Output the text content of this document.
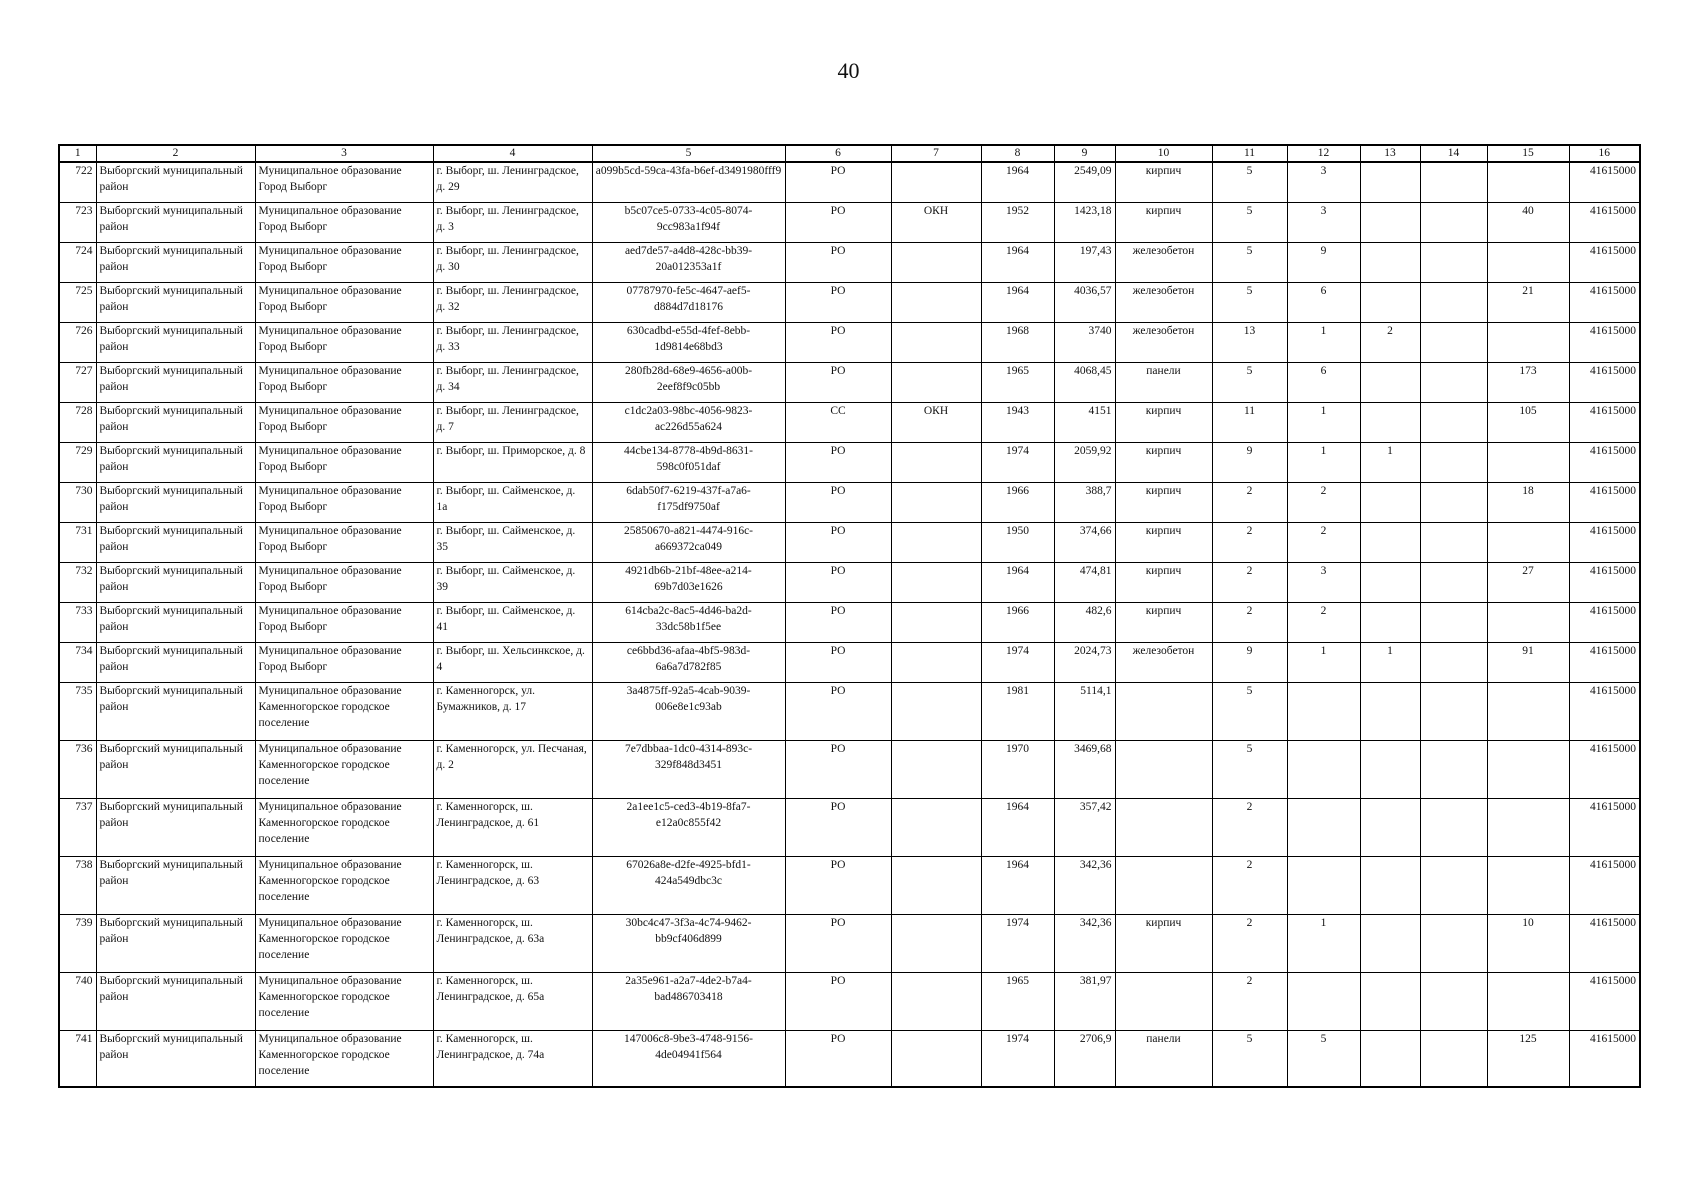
40
1	2	3	4	5	6	7	8	9	10	11	12	13	14	15	16
722	Выборгский муниципальный район	Муниципальное образование Город Выборг	г. Выборг, ш. Ленинградское, д. 29	a099b5cd-59ca-43fa-b6ef-d3491980fff9	РО		1964	2549,09	кирпич	5	3				41615000
723	Выборгский муниципальный район	Муниципальное образование Город Выборг	г. Выборг, ш. Ленинградское, д. 3	b5c07ce5-0733-4c05-8074-9cc983a1f94f	РО	ОКН	1952	1423,18	кирпич	5	3			40	41615000
724	Выборгский муниципальный район	Муниципальное образование Город Выборг	г. Выборг, ш. Ленинградское, д. 30	aed7de57-a4d8-428c-bb39-20a012353a1f	РО		1964	197,43	железобетон	5	9				41615000
725	Выборгский муниципальный район	Муниципальное образование Город Выборг	г. Выборг, ш. Ленинградское, д. 32	07787970-fe5c-4647-aef5-d884d7d18176	РО		1964	4036,57	железобетон	5	6			21	41615000
726	Выборгский муниципальный район	Муниципальное образование Город Выборг	г. Выборг, ш. Ленинградское, д. 33	630cadbd-e55d-4fef-8ebb-1d9814e68bd3	РО		1968	3740	железобетон	13	1	2			41615000
727	Выборгский муниципальный район	Муниципальное образование Город Выборг	г. Выборг, ш. Ленинградское, д. 34	280fb28d-68e9-4656-a00b-2eef8f9c05bb	РО		1965	4068,45	панели	5	6			173	41615000
728	Выборгский муниципальный район	Муниципальное образование Город Выборг	г. Выборг, ш. Ленинградское, д. 7	c1dc2a03-98bc-4056-9823-ac226d55a624	СС	ОКН	1943	4151	кирпич	11	1			105	41615000
729	Выборгский муниципальный район	Муниципальное образование Город Выборг	г. Выборг, ш. Приморское, д. 8	44cbe134-8778-4b9d-8631-598c0f051daf	РО		1974	2059,92	кирпич	9	1	1			41615000
730	Выборгский муниципальный район	Муниципальное образование Город Выборг	г. Выборг, ш. Сайменское, д. 1а	6dab50f7-6219-437f-a7a6-f175df9750af	РО		1966	388,7	кирпич	2	2			18	41615000
731	Выборгский муниципальный район	Муниципальное образование Город Выборг	г. Выборг, ш. Сайменское, д. 35	25850670-a821-4474-916c-a669372ca049	РО		1950	374,66	кирпич	2	2				41615000
732	Выборгский муниципальный район	Муниципальное образование Город Выборг	г. Выборг, ш. Сайменское, д. 39	4921db6b-21bf-48ee-a214-69b7d03e1626	РО		1964	474,81	кирпич	2	3			27	41615000
733	Выборгский муниципальный район	Муниципальное образование Город Выборг	г. Выборг, ш. Сайменское, д. 41	614cba2c-8ac5-4d46-ba2d-33dc58b1f5ee	РО		1966	482,6	кирпич	2	2				41615000
734	Выборгский муниципальный район	Муниципальное образование Город Выборг	г. Выборг, ш. Хельсинкское, д. 4	ce6bbd36-afaa-4bf5-983d-6a6a7d782f85	РО		1974	2024,73	железобетон	9	1	1		91	41615000
735	Выборгский муниципальный район	Муниципальное образование Каменногорское городское поселение	г. Каменногорск, ул. Бумажников, д. 17	3a4875ff-92a5-4cab-9039-006e8e1c93ab	РО		1981	5114,1		5					41615000
736	Выборгский муниципальный район	Муниципальное образование Каменногорское городское поселение	г. Каменногорск, ул. Песчаная, д. 2	7e7dbbaa-1dc0-4314-893c-329f848d3451	РО		1970	3469,68		5					41615000
737	Выборгский муниципальный район	Муниципальное образование Каменногорское городское поселение	г. Каменногорск, ш. Ленинградское, д. 61	2a1ee1c5-ced3-4b19-8fa7-e12a0c855f42	РО		1964	357,42		2					41615000
738	Выборгский муниципальный район	Муниципальное образование Каменногорское городское поселение	г. Каменногорск, ш. Ленинградское, д. 63	67026a8e-d2fe-4925-bfd1-424a549dbc3c	РО		1964	342,36		2					41615000
739	Выборгский муниципальный район	Муниципальное образование Каменногорское городское поселение	г. Каменногорск, ш. Ленинградское, д. 63а	30bc4c47-3f3a-4c74-9462-bb9cf406d899	РО		1974	342,36	кирпич	2	1			10	41615000
740	Выборгский муниципальный район	Муниципальное образование Каменногорское городское поселение	г. Каменногорск, ш. Ленинградское, д. 65а	2a35e961-a2a7-4de2-b7a4-bad486703418	РО		1965	381,97		2					41615000
741	Выборгский муниципальный район	Муниципальное образование Каменногорское городское поселение	г. Каменногорск, ш. Ленинградское, д. 74а	147006c8-9be3-4748-9156-4de04941f564	РО		1974	2706,9	панели	5	5			125	41615000
